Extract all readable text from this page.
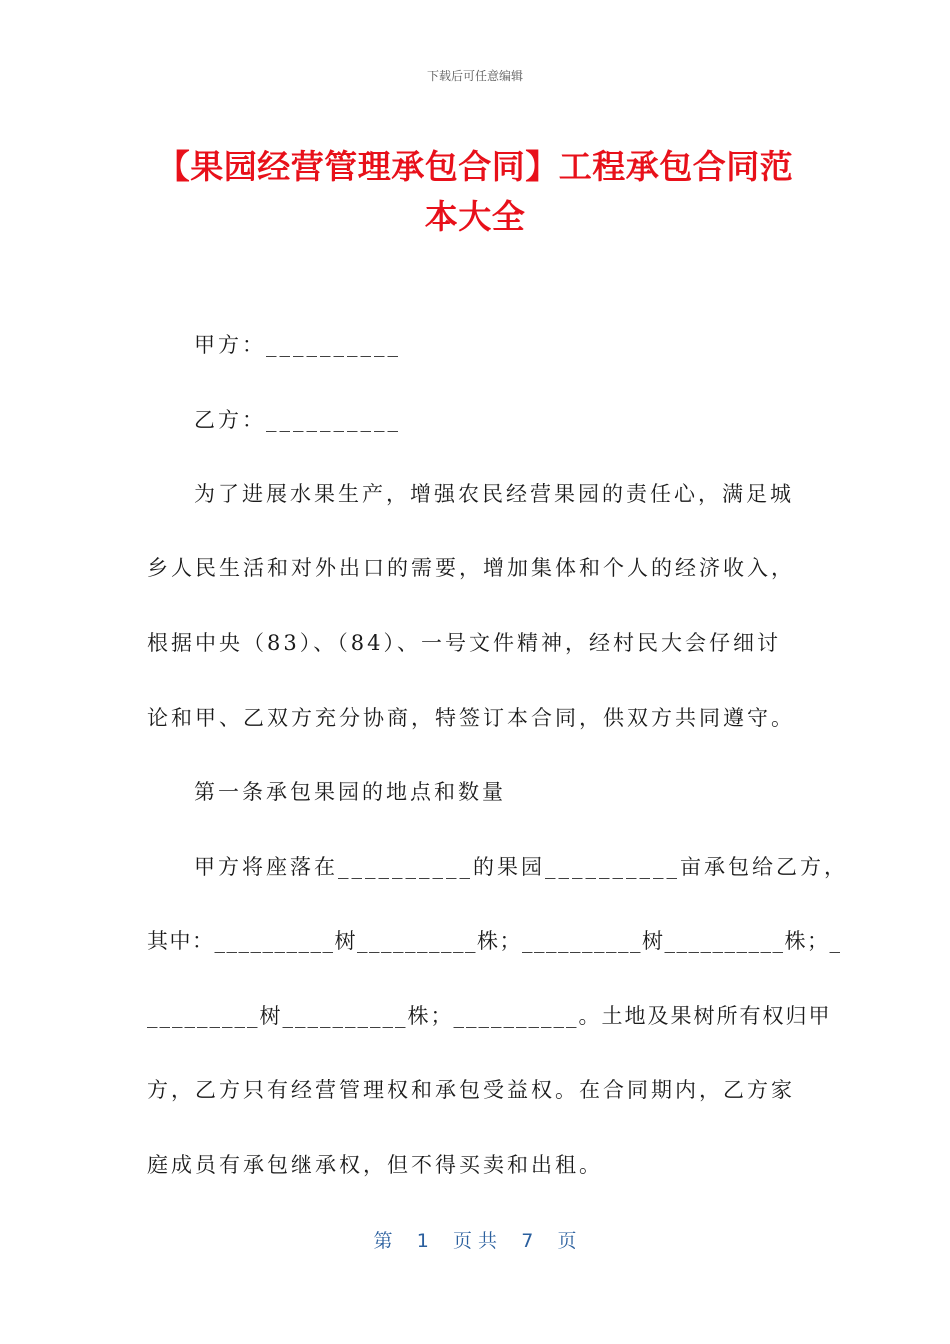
下载后可任意编辑
【果园经营管理承包合同】工程承包合同范
本大全
甲方：__________
乙方：__________
为了进展水果生产，增强农民经营果园的责任心，满足城
乡人民生活和对外出口的需要，增加集体和个人的经济收入，
根据中央（83）、（84）、一号文件精神，经村民大会仔细讨
论和甲、乙双方充分协商，特签订本合同，供双方共同遵守。
第一条承包果园的地点和数量
甲方将座落在__________的果园__________亩承包给乙方，
其中：__________树__________株；__________树__________株；_
_________树__________株；__________。土地及果树所有权归甲
方，乙方只有经营管理权和承包受益权。在合同期内，乙方家
庭成员有承包继承权，但不得买卖和出租。
第 1 页 共 7 页
